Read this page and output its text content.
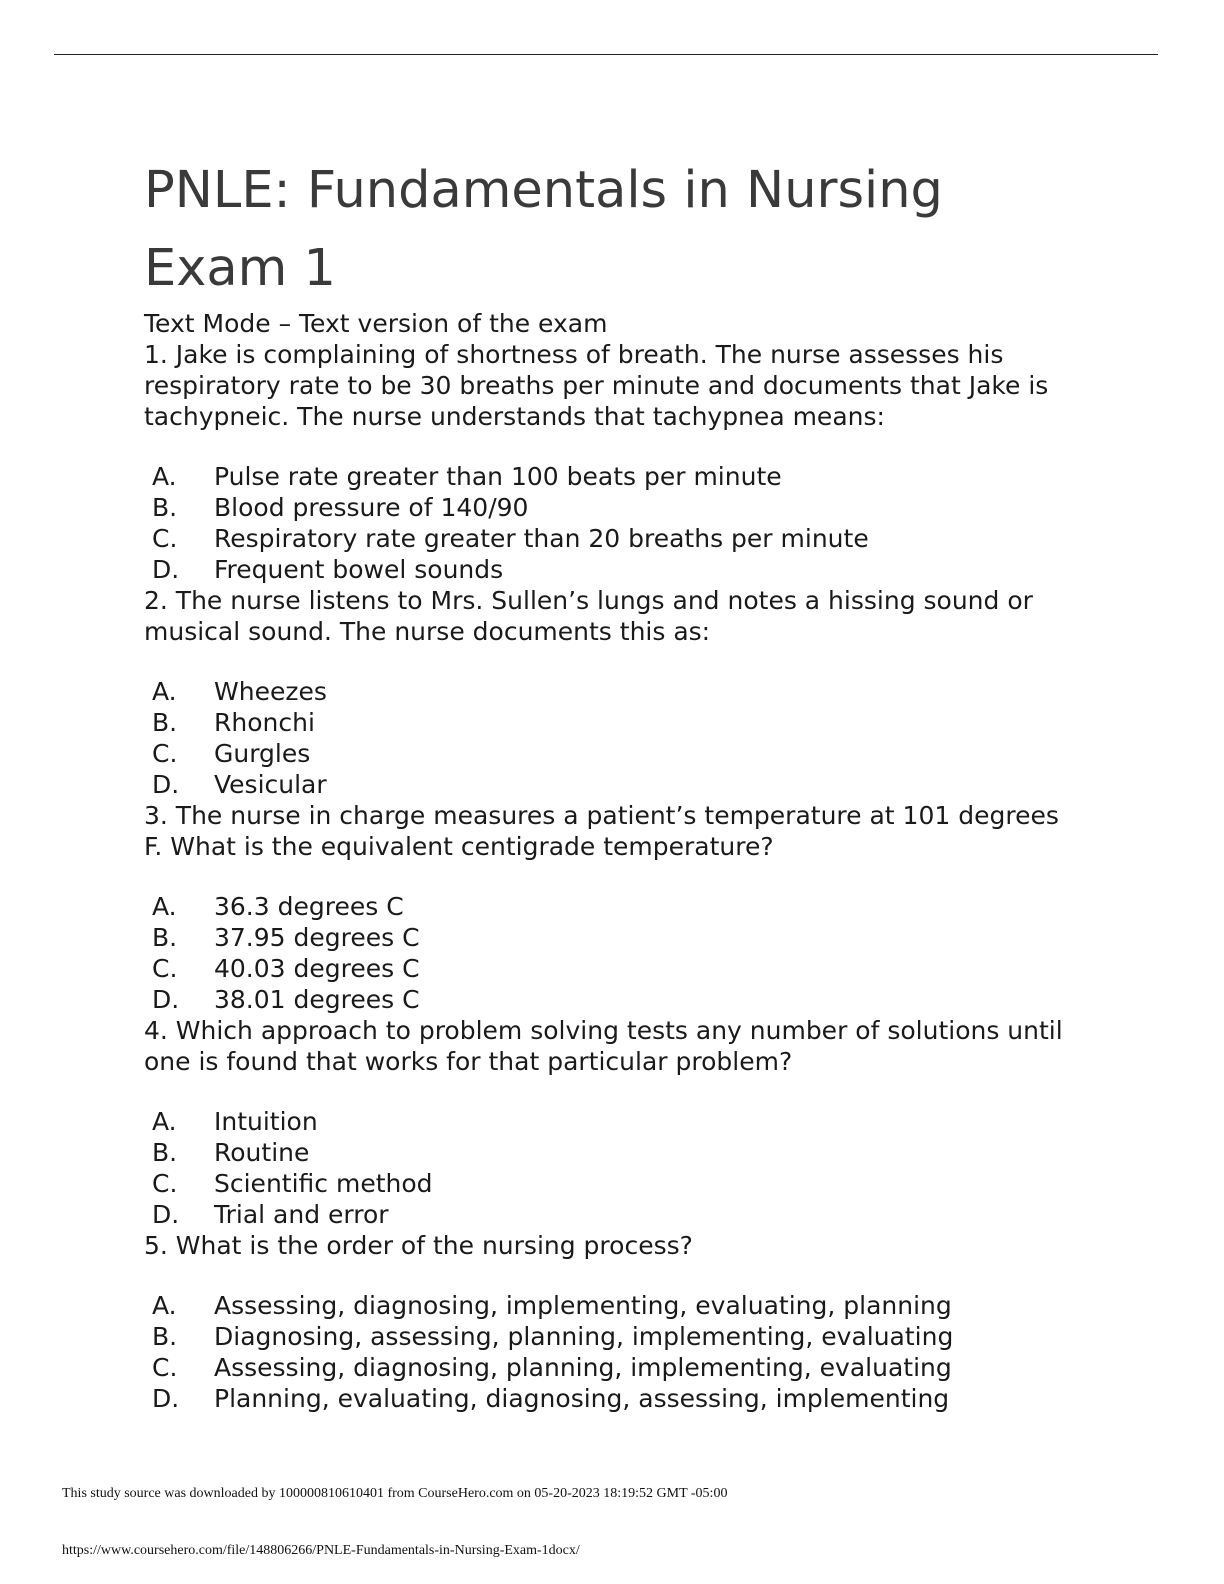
PNLE: Fundamentals in Nursing Exam 1

Text Mode – Text version of the exam

1. Jake is complaining of shortness of breath. The nurse assesses his respiratory rate to be 30 breaths per minute and documents that Jake is tachypneic. The nurse understands that tachypnea means:

A.	Pulse rate greater than 100 beats per minute
B.	Blood pressure of 140/90
C.	Respiratory rate greater than 20 breaths per minute
D.	Frequent bowel sounds

2. The nurse listens to Mrs. Sullen’s lungs and notes a hissing sound or musical sound. The nurse documents this as:

A.	Wheezes
B.	Rhonchi
C.	Gurgles
D.	Vesicular

3. The nurse in charge measures a patient’s temperature at 101 degrees F. What is the equivalent centigrade temperature?

A.	36.3 degrees C
B.	37.95 degrees C
C.	40.03 degrees C
D.	38.01 degrees C

4. Which approach to problem solving tests any number of solutions until one is found that works for that particular problem?

A.	Intuition
B.	Routine
C.	Scientific method
D.	Trial and error

5. What is the order of the nursing process?

A.	Assessing, diagnosing, implementing, evaluating, planning
B.	Diagnosing, assessing, planning, implementing, evaluating
C.	Assessing, diagnosing, planning, implementing, evaluating
D.	Planning, evaluating, diagnosing, assessing, implementing
This study source was downloaded by 100000810610401 from CourseHero.com on 05-20-2023 18:19:52 GMT -05:00
https://www.coursehero.com/file/148806266/PNLE-Fundamentals-in-Nursing-Exam-1docx/
